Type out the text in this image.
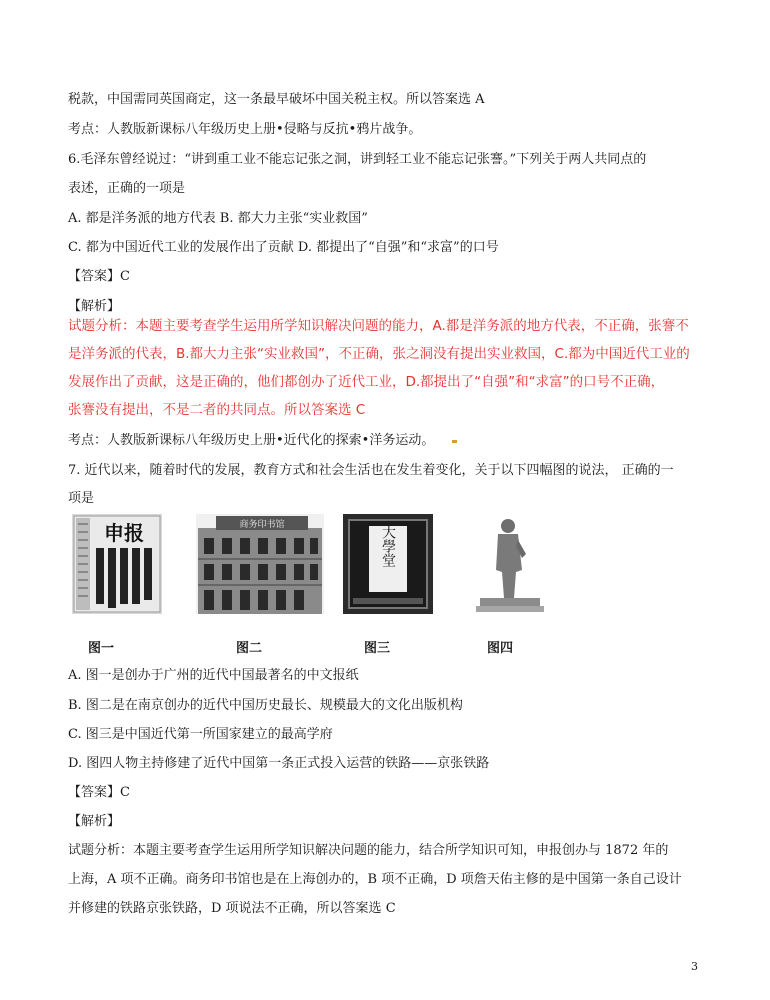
税款，中国需同英国商定，这一条最早破坏中国关税主权。所以答案选 A
考点：人教版新课标八年级历史上册•侵略与反抗•鸦片战争。
6.毛泽东曾经说过：“讲到重工业不能忘记张之洞，讲到轻工业不能忘记张謇。”下列关于两人共同点的
表述，正确的一项是
A. 都是洋务派的地方代表 B. 都大力主张“实业救国”
C. 都为中国近代工业的发展作出了贡献 D. 都提出了“自强”和“求富”的口号
【答案】C
【解析】
试题分析：本题主要考查学生运用所学知识解决问题的能力，A.都是洋务派的地方代表，不正确，张謇不
是洋务派的代表，B.都大力主张“实业救国”，不正确，张之洞没有提出实业救国，C.都为中国近代工业的
发展作出了贡献，这是正确的，他们都创办了近代工业，D.都提出了“自强”和“求富”的口号不正确，
张謇没有提出，不是二者的共同点。所以答案选 C
考点：人教版新课标八年级历史上册•近代化的探索•洋务运动。
7. 近代以来，随着时代的发展，教育方式和社会生活也在发生着变化，关于以下四幅图的说法， 正确的一
项是
申报	商务印书馆	大學堂
图一	图二	图三	图四
A. 图一是创办于广州的近代中国最著名的中文报纸
B. 图二是在南京创办的近代中国历史最长、规模最大的文化出版机构
C. 图三是中国近代第一所国家建立的最高学府
D. 图四人物主持修建了近代中国第一条正式投入运营的铁路——京张铁路
【答案】C
【解析】
试题分析：本题主要考查学生运用所学知识解决问题的能力，结合所学知识可知，申报创办与 1872 年的
上海，A 项不正确。商务印书馆也是在上海创办的，B 项不正确，D 项詹天佑主修的是中国第一条自己设计
并修建的铁路京张铁路，D 项说法不正确，所以答案选 C
3
